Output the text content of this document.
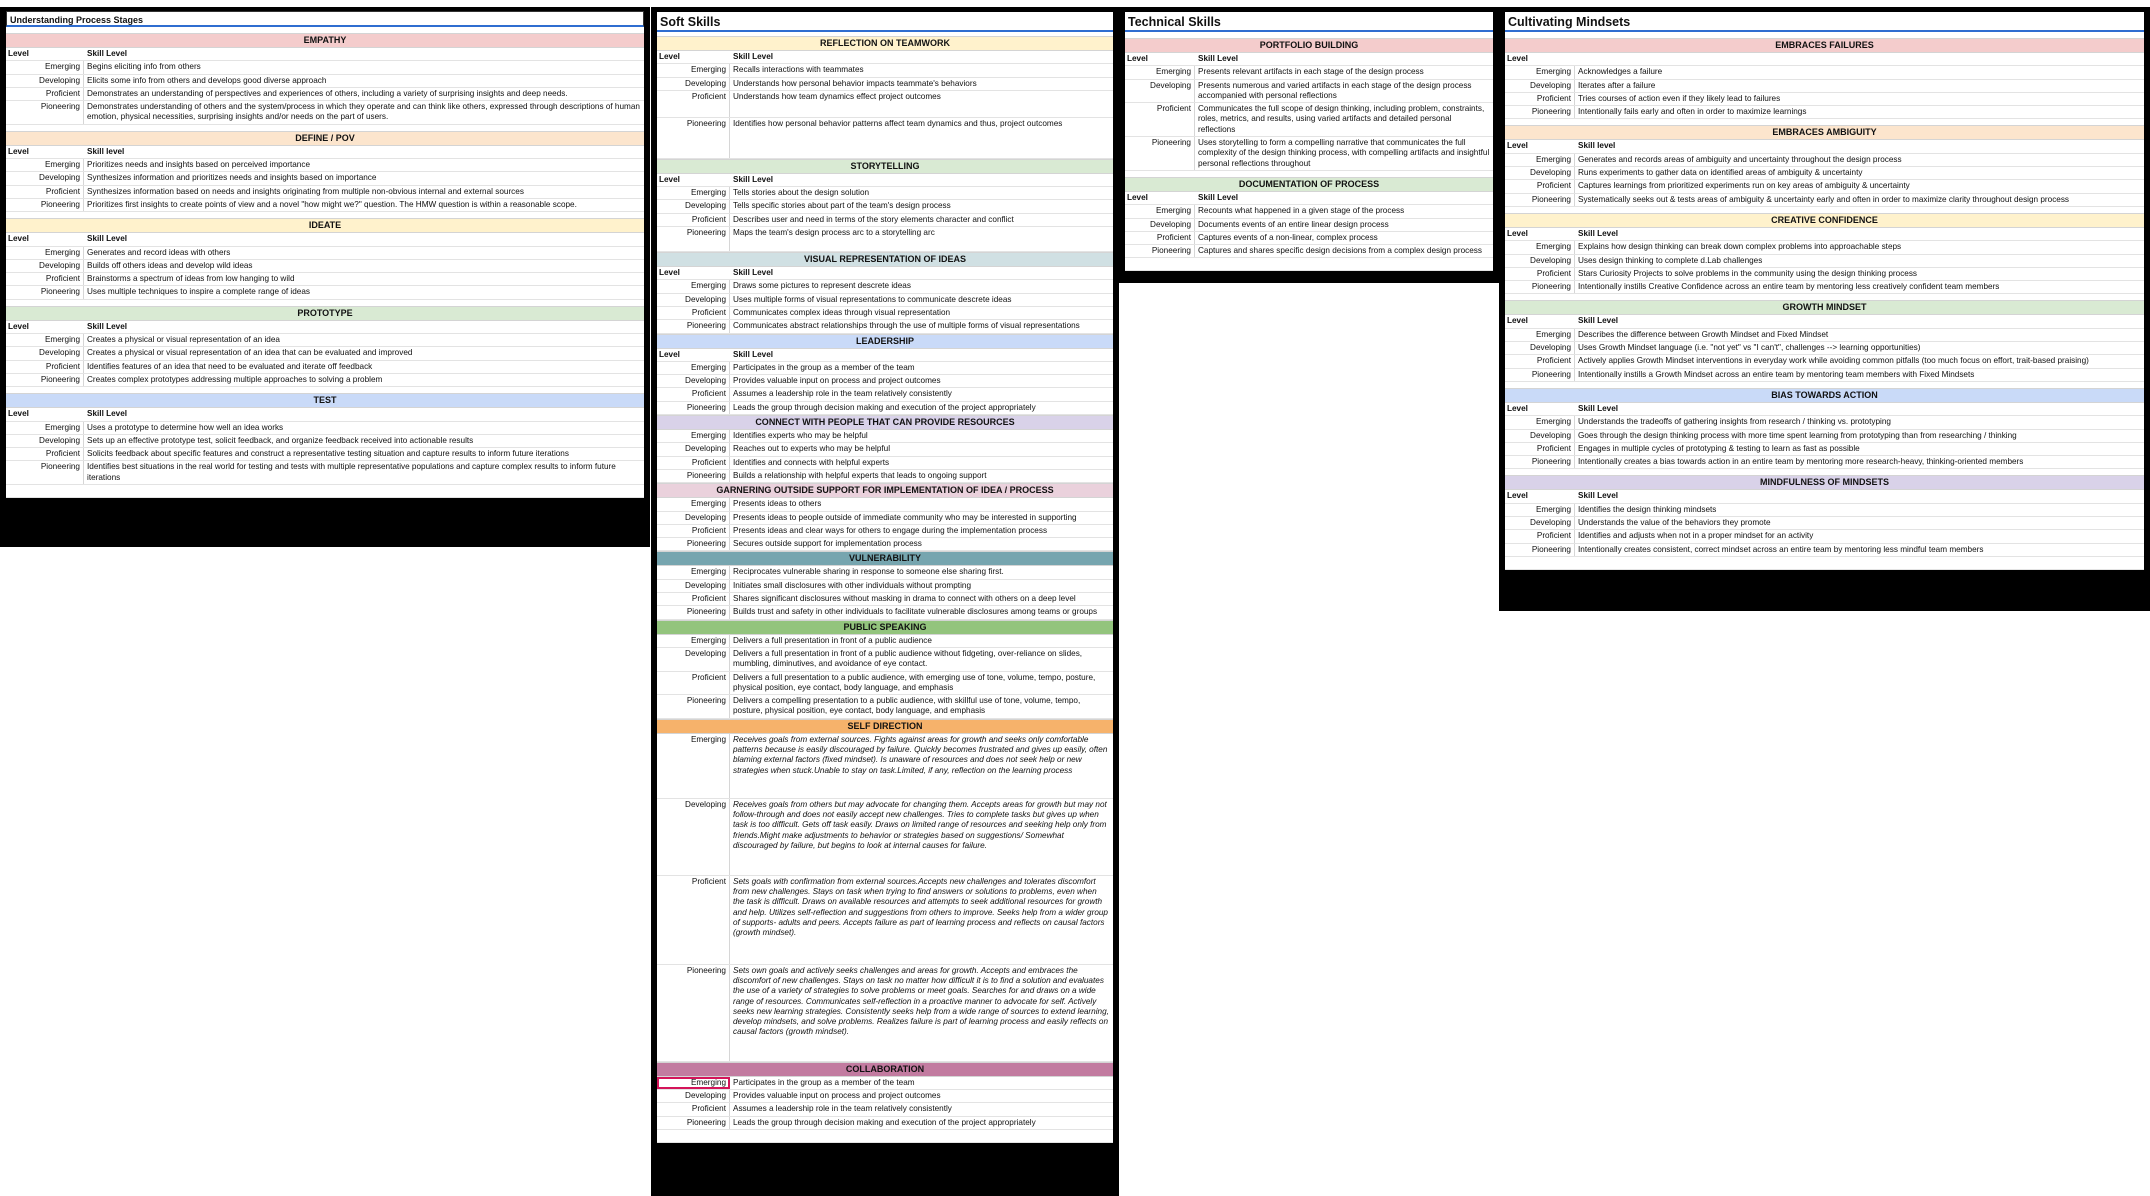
Understanding Process Stages
EMPATHY
Level	Skill Level
Emerging Begins eliciting info from others
Developing Elicits some info from others and develops good diverse approach
Proficient Demonstrates an understanding of perspectives and experiences of others, including a variety of surprising insights and deep needs.
Pioneering Demonstrates understanding of others and the system/process in which they operate and can think like others, expressed through descriptions of human emotion, physical necessities, surprising insights and/or needs on the part of users.
DEFINE / POV
Level	Skill level
Emerging Prioritizes needs and insights based on perceived importance
Developing Synthesizes information and prioritizes needs and insights based on importance
Proficient Synthesizes information based on needs and insights originating from multiple non-obvious internal and external sources
Pioneering Prioritizes first insights to create points of view and a novel "how might we?" question. The HMW question is within a reasonable scope.
IDEATE
Level	Skill Level
Emerging Generates and record ideas with others
Developing Builds off others ideas and develop wild ideas
Proficient Brainstorms a spectrum of ideas from low hanging to wild
Pioneering Uses multiple techniques to inspire a complete range of ideas
PROTOTYPE
Level	Skill Level
Emerging Creates a physical or visual representation of an idea
Developing Creates a physical or visual representation of an idea that can be evaluated and improved
Proficient Identifies features of an idea that need to be evaluated and iterate off feedback
Pioneering Creates complex prototypes addressing multiple approaches to solving a problem
TEST
Level	Skill Level
Emerging Uses a prototype to determine how well an idea works
Developing Sets up an effective prototype test, solicit feedback, and organize feedback received into actionable results
Proficient Solicits feedback about specific features and construct a representative testing situation and capture results to inform future iterations
Pioneering Identifies best situations in the real world for testing and tests with multiple representative populations and capture complex results to inform future iterations
Soft Skills
REFLECTION ON TEAMWORK
Level	Skill Level
Emerging Recalls interactions with teammates
Developing Understands how personal behavior impacts teammate's behaviors
Proficient Understands how team dynamics effect project outcomes
Pioneering Identifies how personal behavior patterns affect team dynamics and thus, project outcomes
STORYTELLING
Level	Skill Level
Emerging Tells stories about the design solution
Developing Tells specific stories about part of the team's design process
Proficient Describes user and need in terms of the story elements character and conflict
Pioneering Maps the team's design process arc to a storytelling arc
VISUAL REPRESENTATION OF IDEAS
Level	Skill Level
Emerging Draws some pictures to represent descrete ideas
Developing Uses multiple forms of visual representations to communicate descrete ideas
Proficient Communicates complex ideas through visual representation
Pioneering Communicates abstract relationships through the use of multiple forms of visual representations
LEADERSHIP
Level	Skill Level
Emerging Participates in the group as a member of the team
Developing Provides valuable input on process and project outcomes
Proficient Assumes a leadership role in the team relatively consistently
Pioneering Leads the group through decision making and execution of the project appropriately
CONNECT WITH PEOPLE THAT CAN PROVIDE RESOURCES
Emerging Identifies experts who may be helpful
Developing Reaches out to experts who may be helpful
Proficient Identifies and connects with helpful experts
Pioneering Builds a relationship with helpful experts that leads to ongoing support
GARNERING OUTSIDE SUPPORT FOR IMPLEMENTATION OF IDEA / PROCESS
Emerging Presents ideas to others
Developing Presents ideas to people outside of immediate community who may be interested in supporting
Proficient Presents ideas and clear ways for others to engage during the implementation process
Pioneering Secures outside support for implementation process
VULNERABILITY
Emerging Reciprocates vulnerable sharing in response to someone else sharing first.
Developing Initiates small disclosures with other individuals without prompting
Proficient Shares significant disclosures without masking in drama to connect with others on a deep level
Pioneering Builds trust and safety in other individuals to facilitate vulnerable disclosures among teams or groups
PUBLIC SPEAKING
Emerging Delivers a full presentation in front of a public audience
Developing Delivers a full presentation in front of a public audience without fidgeting, over-reliance on slides, mumbling, diminutives, and avoidance of eye contact.
Proficient Delivers a full presentation to a public audience, with emerging use of tone, volume, tempo, posture, physical position, eye contact, body language, and emphasis
Pioneering Delivers a compelling presentation to a public audience, with skillful use of tone, volume, tempo, posture, physical position, eye contact, body language, and emphasis
SELF DIRECTION
Emerging Receives goals from external sources. Fights against areas for growth and seeks only comfortable patterns because is easily discouraged by failure. Quickly becomes frustrated and gives up easily, often blaming external factors (fixed mindset). Is unaware of resources and does not seek help or new strategies when stuck.Unable to stay on task.Limited, if any, reflection on the learning process
Developing Receives goals from others but may advocate for changing them. Accepts areas for growth but may not follow-through and does not easily accept new challenges. Tries to complete tasks but gives up when task is too difficult. Gets off task easily. Draws on limited range of resources and seeking help only from friends.Might make adjustments to behavior or strategies based on suggestions/ Somewhat discouraged by failure, but begins to look at internal causes for failure.
Proficient Sets goals with confirmation from external sources.Accepts new challenges and tolerates discomfort from new challenges. Stays on task when trying to find answers or solutions to problems, even when the task is difficult. Draws on available resources and attempts to seek additional resources for growth and help. Utilizes self-reflection and suggestions from others to improve. Seeks help from a wider group of supports- adults and peers. Accepts failure as part of learning process and reflects on causal factors (growth mindset).
Pioneering Sets own goals and actively seeks challenges and areas for growth. Accepts and embraces the discomfort of new challenges. Stays on task no matter how difficult it is to find a solution and evaluates the use of a variety of strategies to solve problems or meet goals. Searches for and draws on a wide range of resources. Communicates self-reflection in a proactive manner to advocate for self. Actively seeks new learning strategies. Consistently seeks help from a wide range of sources to extend learning, develop mindsets, and solve problems. Realizes failure is part of learning process and easily reflects on causal factors (growth mindset).
COLLABORATION
Emerging Participates in the group as a member of the team
Developing Provides valuable input on process and project outcomes
Proficient Assumes a leadership role in the team relatively consistently
Pioneering Leads the group through decision making and execution of the project appropriately
Technical Skills
PORTFOLIO BUILDING
Level	Skill Level
Emerging Presents relevant artifacts in each stage of the design process
Developing Presents numerous and varied artifacts in each stage of the design process accompanied with personal reflections
Proficient Communicates the full scope of design thinking, including problem, constraints, roles, metrics, and results, using varied artifacts and detailed personal reflections
Pioneering Uses storytelling to form a compelling narrative that communicates the full complexity of the design thinking process, with compelling artifacts and insightful personal reflections throughout
DOCUMENTATION OF PROCESS
Level	Skill Level
Emerging Recounts what happened in a given stage of the process
Developing Documents events of an entire linear design process
Proficient Captures events of a non-linear, complex process
Pioneering Captures and shares specific design decisions from a complex design process
Cultivating Mindsets
EMBRACES FAILURES
Level
Emerging Acknowledges a failure
Developing Iterates after a failure
Proficient Tries courses of action even if they likely lead to failures
Pioneering Intentionally fails early and often in order to maximize learnings
EMBRACES AMBIGUITY
Level	Skill level
Emerging Generates and records areas of ambiguity and uncertainty throughout the design process
Developing Runs experiments to gather data on identified areas of ambiguity & uncertainty
Proficient Captures learnings from prioritized experiments run on key areas of ambiguity & uncertainty
Pioneering Systematically seeks out & tests areas of ambiguity & uncertainty early and often in order to maximize clarity throughout design process
CREATIVE CONFIDENCE
Level	Skill Level
Emerging Explains how design thinking can break down complex problems into approachable steps
Developing Uses design thinking to complete d.Lab challenges
Proficient Stars Curiosity Projects to solve problems in the community using the design thinking process
Pioneering Intentionally instills Creative Confidence across an entire team by mentoring less creatively confident team members
GROWTH MINDSET
Level	Skill Level
Emerging Describes the difference between Growth Mindset and Fixed Mindset
Developing Uses Growth Mindset language (i.e. "not yet" vs "I can't", challenges --> learning opportunities)
Proficient Actively applies Growth Mindset interventions in everyday work while avoiding common pitfalls (too much focus on effort, trait-based praising)
Pioneering Intentionally instills a Growth Mindset across an entire team by mentoring team members with Fixed Mindsets
BIAS TOWARDS ACTION
Level	Skill Level
Emerging Understands the tradeoffs of gathering insights from research / thinking vs. prototyping
Developing Goes through the design thinking process with more time spent learning from prototyping than from researching / thinking
Proficient Engages in multiple cycles of prototyping & testing to learn as fast as possible
Pioneering Intentionally creates a bias towards action in an entire team by mentoring more research-heavy, thinking-oriented members
MINDFULNESS OF MINDSETS
Level	Skill Level
Emerging Identifies the design thinking mindsets
Developing Understands the value of the behaviors they promote
Proficient Identifies and adjusts when not in a proper mindset for an activity
Pioneering Intentionally creates consistent, correct mindset across an entire team by mentoring less mindful team members
